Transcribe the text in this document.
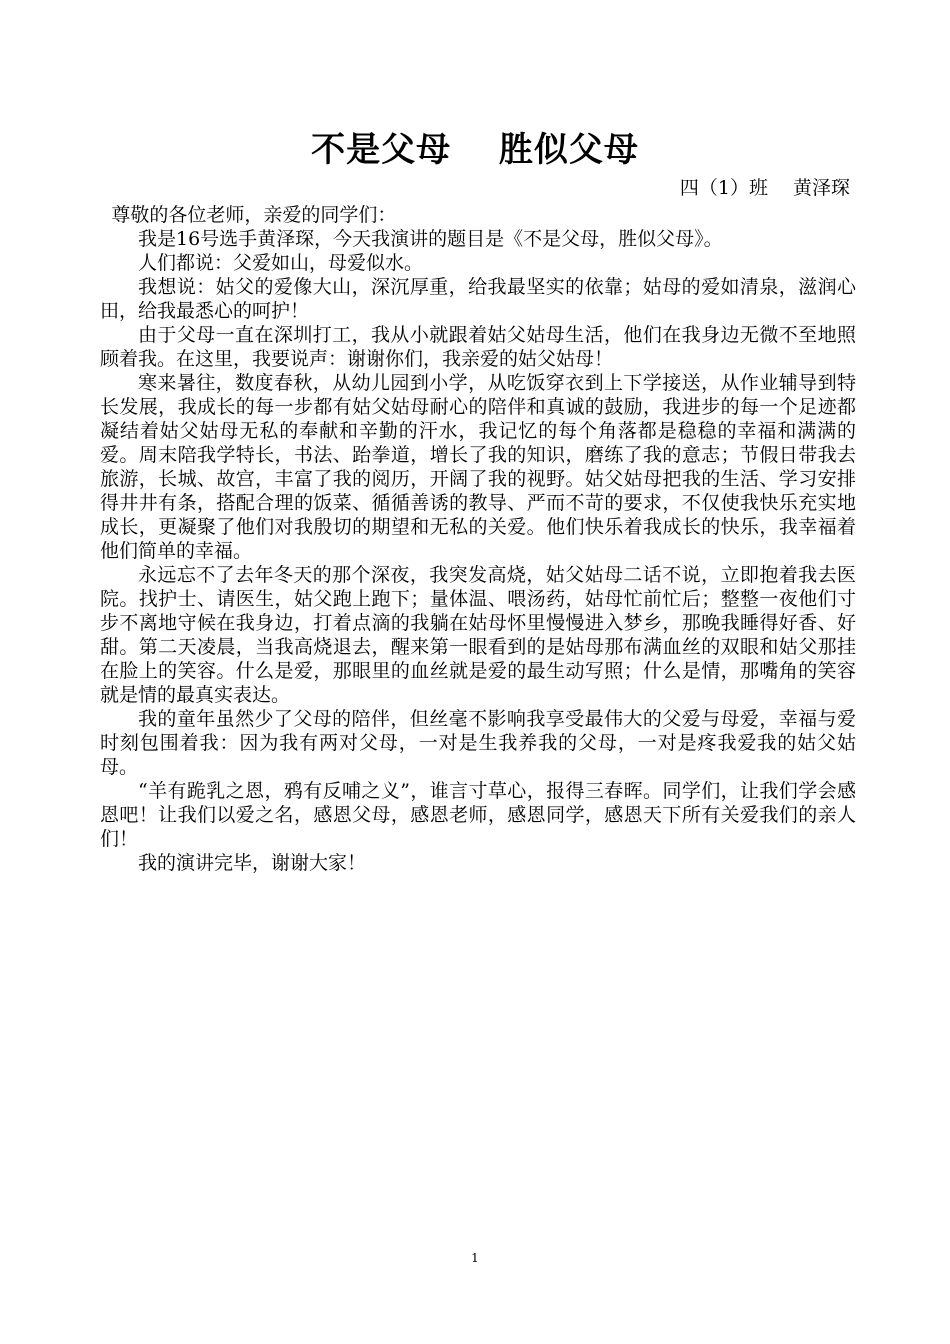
不是父母　 胜似父母
四（1）班　 黄泽琛

尊敬的各位老师，亲爱的同学们：

我是16号选手黄泽琛，今天我演讲的题目是《不是父母，胜似父母》。

人们都说：父爱如山，母爱似水。

我想说：姑父的爱像大山，深沉厚重，给我最坚实的依靠；姑母的爱如清泉，滋润心田，给我最悉心的呵护！

由于父母一直在深圳打工，我从小就跟着姑父姑母生活，他们在我身边无微不至地照顾着我。在这里，我要说声：谢谢你们，我亲爱的姑父姑母！

寒来暑往，数度春秋，从幼儿园到小学，从吃饭穿衣到上下学接送，从作业辅导到特长发展，我成长的每一步都有姑父姑母耐心的陪伴和真诚的鼓励，我进步的每一个足迹都凝结着姑父姑母无私的奉献和辛勤的汗水，我记忆的每个角落都是稳稳的幸福和满满的爱。周末陪我学特长，书法、跆拳道，增长了我的知识，磨练了我的意志；节假日带我去旅游，长城、故宫，丰富了我的阅历，开阔了我的视野。姑父姑母把我的生活、学习安排得井井有条，搭配合理的饭菜、循循善诱的教导、严而不苛的要求，不仅使我快乐充实地成长，更凝聚了他们对我殷切的期望和无私的关爱。他们快乐着我成长的快乐，我幸福着他们简单的幸福。

永远忘不了去年冬天的那个深夜，我突发高烧，姑父姑母二话不说，立即抱着我去医院。找护士、请医生，姑父跑上跑下；量体温、喂汤药，姑母忙前忙后；整整一夜他们寸步不离地守候在我身边，打着点滴的我躺在姑母怀里慢慢进入梦乡，那晚我睡得好香、好甜。第二天凌晨，当我高烧退去，醒来第一眼看到的是姑母那布满血丝的双眼和姑父那挂在脸上的笑容。什么是爱，那眼里的血丝就是爱的最生动写照；什么是情，那嘴角的笑容就是情的最真实表达。

我的童年虽然少了父母的陪伴，但丝毫不影响我享受最伟大的父爱与母爱，幸福与爱时刻包围着我：因为我有两对父母，一对是生我养我的父母，一对是疼我爱我的姑父姑母。

“羊有跪乳之恩，鸦有反哺之义”，谁言寸草心，报得三春晖。同学们，让我们学会感恩吧！让我们以爱之名，感恩父母，感恩老师，感恩同学，感恩天下所有关爱我们的亲人们！

我的演讲完毕，谢谢大家！

1
